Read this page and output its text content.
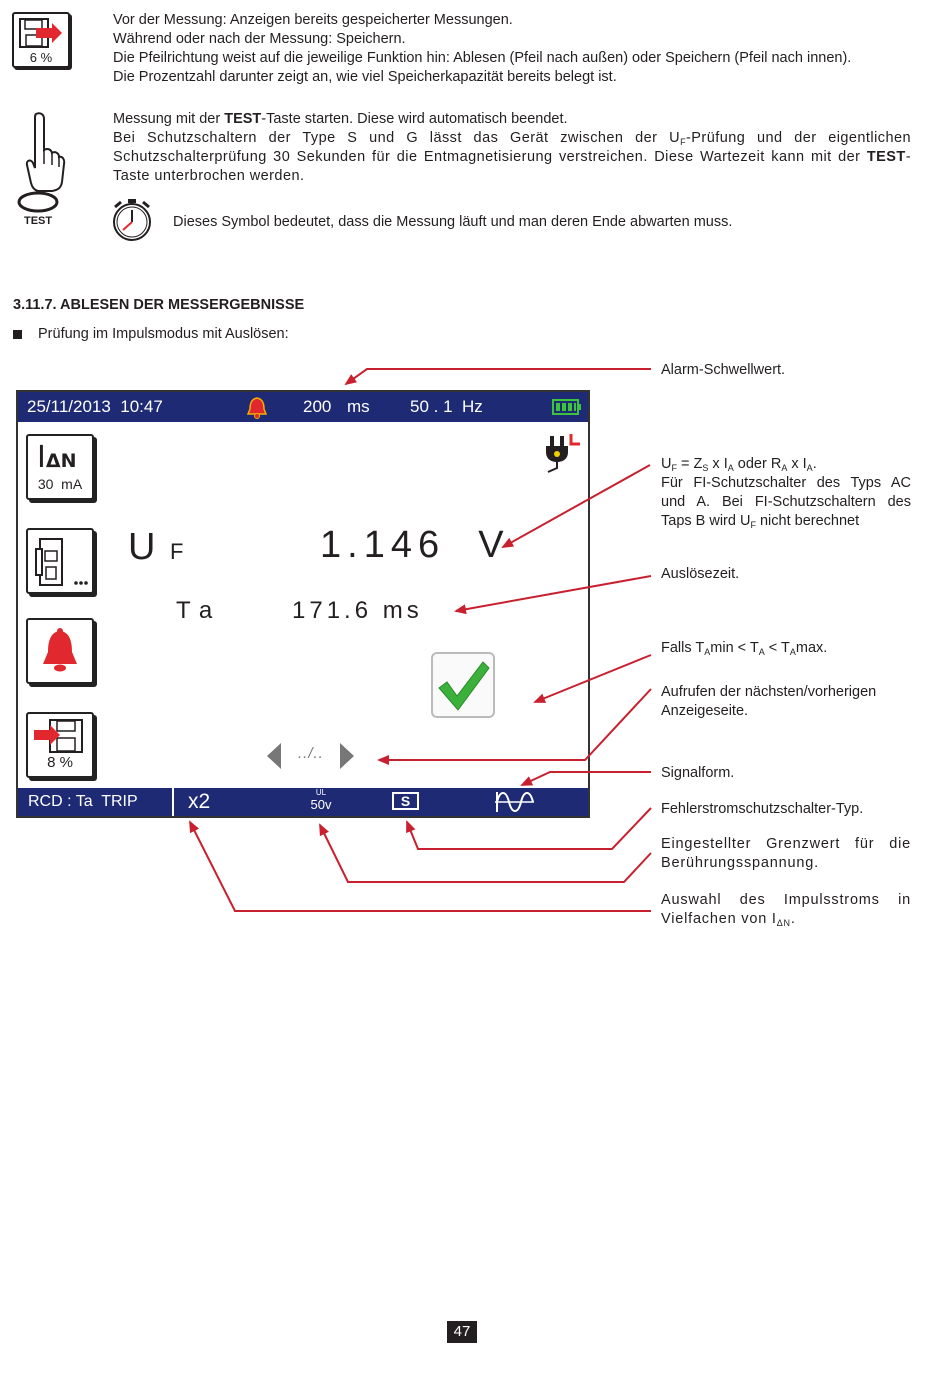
6 %
Vor der Messung: Anzeigen bereits gespeicherter Messungen.
Während oder nach der Messung: Speichern.
Die Pfeilrichtung weist auf die jeweilige Funktion hin: Ablesen (Pfeil nach außen) oder Speichern (Pfeil nach innen).
Die Prozentzahl darunter zeigt an, wie viel Speicherkapazität bereits belegt ist.
TEST
Messung mit der TEST-Taste starten. Diese wird automatisch beendet.
Bei Schutzschaltern der Type S und G lässt das Gerät zwischen der $U_F$-Prüfung und der eigentlichen Schutzschalterprüfung 30 Sekunden für die Entmagnetisierung verstreichen. Diese Wartezeit kann mit der TEST-Taste unterbrochen werden.
Dieses Symbol bedeutet, dass die Messung läuft und man deren Ende abwarten muss.
3.11.7. ABLESEN DER MESSERGEBNISSE
Prüfung im Impulsmodus mit Auslösen:
25/11/2013  10:47	200 ms 50 . 1  Hz
IΔN
30  mA
8 %
U F	1.146  V
T a	171.6 ms
../..
RCD : Ta  TRIP x2	UL
50v	S
Alarm-Schwellwert.
$U_F = Z_S$ x $I_A$ oder $R_A$ x $I_A$.
Für FI-Schutzschalter des Typs AC und A. Bei FI-Schutzschaltern des Taps B wird $U_F$ nicht berechnet
Auslösezeit.
Falls $T_A\min < T_A < T_A\max$.
Aufrufen der nächsten/vorherigen Anzeigeseite.
Signalform.
Fehlerstromschutzschalter-Typ.
Eingestellter Grenzwert für die Berührungsspannung.
Auswahl des Impulsstroms in Vielfachen von $I_{\Delta N}$.
47
